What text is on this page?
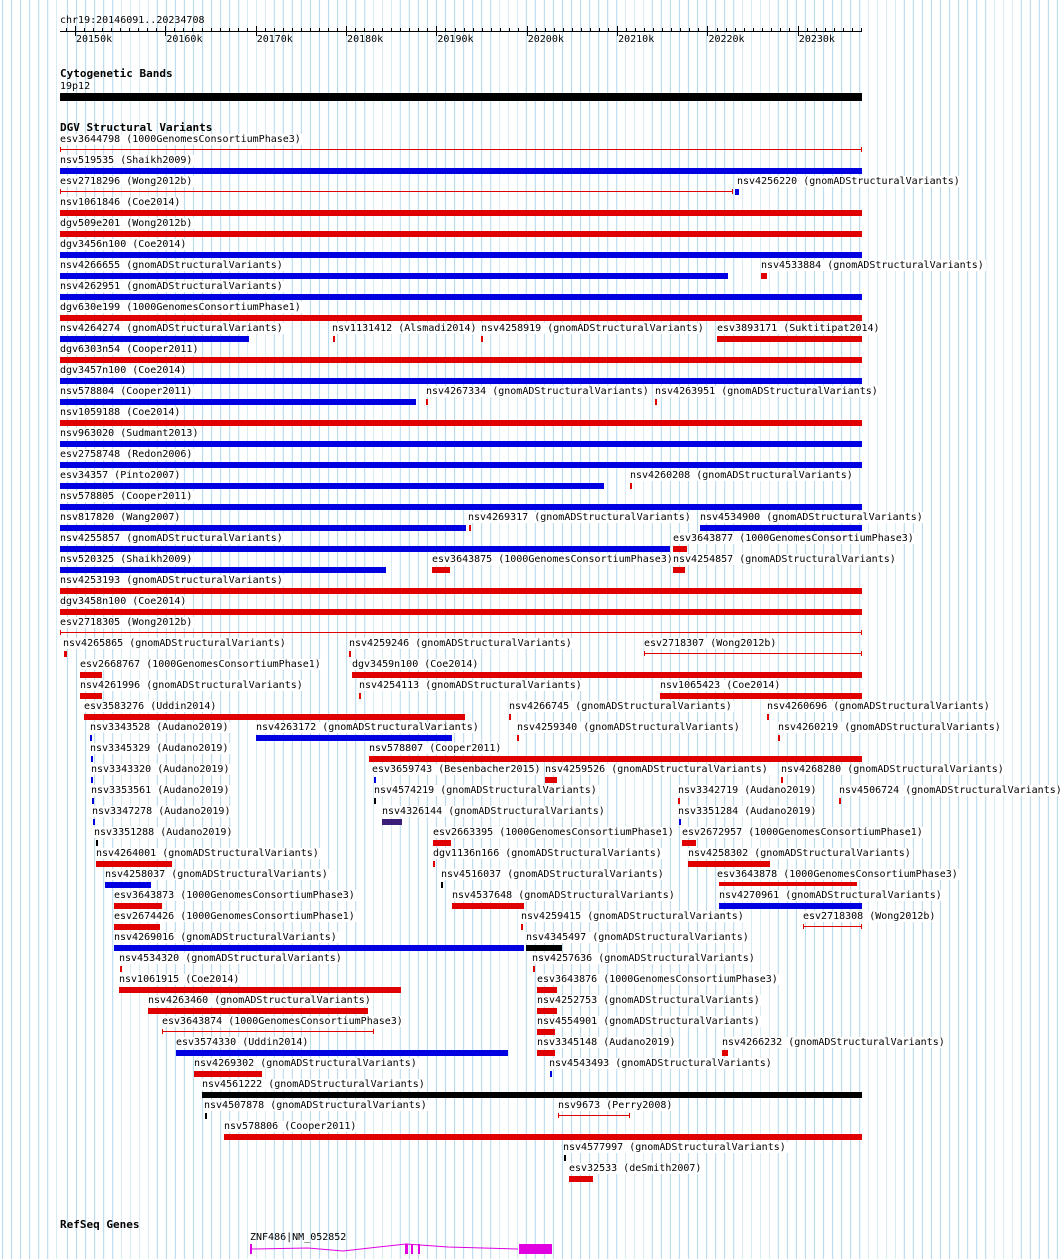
chr19:20146091..20234708
20150k	20160k	20170k	20180k	20190k	20200k	20210k	20220k	20230k
Cytogenetic Bands
19p12
DGV Structural Variants
esv3644798 (1000GenomesConsortiumPhase3)
nsv519535 (Shaikh2009)
esv2718296 (Wong2012b)	nsv4256220 (gnomADStructuralVariants)
nsv1061846 (Coe2014)
dgv509e201 (Wong2012b)
dgv3456n100 (Coe2014)
nsv4266655 (gnomADStructuralVariants)	nsv4533884 (gnomADStructuralVariants)
nsv4262951 (gnomADStructuralVariants)
dgv630e199 (1000GenomesConsortiumPhase1)
nsv4264274 (gnomADStructuralVariants)	nsv1131412 (Alsmadi2014) nsv4258919 (gnomADStructuralVariants) esv3893171 (Suktitipat2014)
dgv6303n54 (Cooper2011)
dgv3457n100 (Coe2014)
nsv578804 (Cooper2011)	nsv4267334 (gnomADStructuralVariants) nsv4263951 (gnomADStructuralVariants)
nsv1059188 (Coe2014)
nsv963020 (Sudmant2013)
esv2758748 (Redon2006)
esv34357 (Pinto2007)	nsv4260208 (gnomADStructuralVariants)
nsv578805 (Cooper2011)
nsv817820 (Wang2007)	nsv4269317 (gnomADStructuralVariants) nsv4534900 (gnomADStructuralVariants)
nsv4255857 (gnomADStructuralVariants)	esv3643877 (1000GenomesConsortiumPhase3)
nsv520325 (Shaikh2009)	esv3643875 (1000GenomesConsortiumPhase3) nsv4254857 (gnomADStructuralVariants)
nsv4253193 (gnomADStructuralVariants)
dgv3458n100 (Coe2014)
esv2718305 (Wong2012b)
nsv4265865 (gnomADStructuralVariants)	nsv4259246 (gnomADStructuralVariants)	esv2718307 (Wong2012b)
esv2668767 (1000GenomesConsortiumPhase1)	dgv3459n100 (Coe2014)
nsv4261996 (gnomADStructuralVariants)	nsv4254113 (gnomADStructuralVariants)	nsv1065423 (Coe2014)
esv3583276 (Uddin2014)	nsv4266745 (gnomADStructuralVariants)	nsv4260696 (gnomADStructuralVariants)
nsv3343528 (Audano2019)	nsv4263172 (gnomADStructuralVariants)	nsv4259340 (gnomADStructuralVariants)	nsv4260219 (gnomADStructuralVariants)
nsv3345329 (Audano2019)	nsv578807 (Cooper2011)
nsv3343320 (Audano2019)	esv3659743 (Besenbacher2015) nsv4259526 (gnomADStructuralVariants) nsv4268280 (gnomADStructuralVariants)
nsv3353561 (Audano2019)	nsv4574219 (gnomADStructuralVariants)	nsv3342719 (Audano2019) nsv4506724 (gnomADStructuralVariants)
nsv3347278 (Audano2019)	nsv4326144 (gnomADStructuralVariants)	nsv3351284 (Audano2019)
nsv3351288 (Audano2019)	esv2663395 (1000GenomesConsortiumPhase1) esv2672957 (1000GenomesConsortiumPhase1)
nsv4264001 (gnomADStructuralVariants)	dgv1136n166 (gnomADStructuralVariants)	nsv4258302 (gnomADStructuralVariants)
nsv4258037 (gnomADStructuralVariants)	nsv4516037 (gnomADStructuralVariants)	esv3643878 (1000GenomesConsortiumPhase3)
esv3643873 (1000GenomesConsortiumPhase3)	nsv4537648 (gnomADStructuralVariants)	nsv4270961 (gnomADStructuralVariants)
esv2674426 (1000GenomesConsortiumPhase1)	nsv4259415 (gnomADStructuralVariants)	esv2718308 (Wong2012b)
nsv4269016 (gnomADStructuralVariants)	nsv4345497 (gnomADStructuralVariants)
nsv4534320 (gnomADStructuralVariants)	nsv4257636 (gnomADStructuralVariants)
nsv1061915 (Coe2014)	esv3643876 (1000GenomesConsortiumPhase3)
nsv4263460 (gnomADStructuralVariants)	nsv4252753 (gnomADStructuralVariants)
esv3643874 (1000GenomesConsortiumPhase3)	nsv4554901 (gnomADStructuralVariants)
esv3574330 (Uddin2014)	nsv3345148 (Audano2019)	nsv4266232 (gnomADStructuralVariants)
nsv4269302 (gnomADStructuralVariants)	nsv4543493 (gnomADStructuralVariants)
nsv4561222 (gnomADStructuralVariants)
nsv4507878 (gnomADStructuralVariants)	nsv9673 (Perry2008)
nsv578806 (Cooper2011)
nsv4577997 (gnomADStructuralVariants)
esv32533 (deSmith2007)
RefSeq Genes
ZNF486|NM_052852
